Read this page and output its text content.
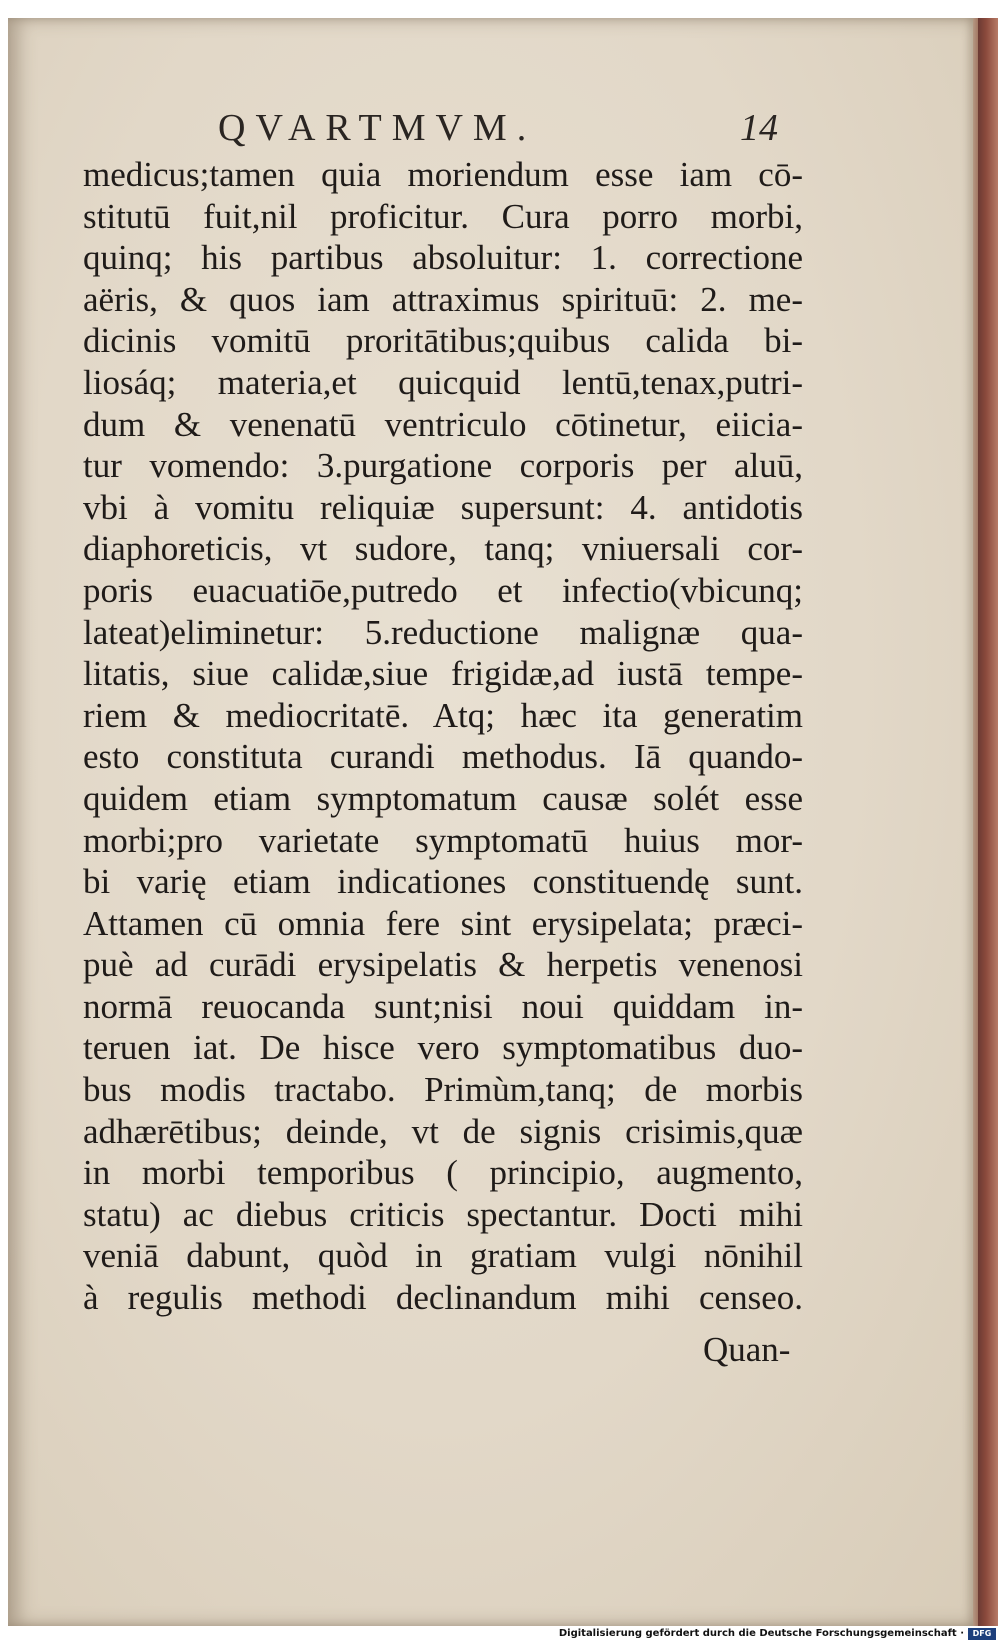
QVARTMVM.	14
medicus;tamen quia moriendum esse iam cō-
stitutū fuit,nil proficitur. Cura porro morbi,
quinq; his partibus absoluitur: 1. correctione
aëris, & quos iam attraximus spirituū: 2. me-
dicinis vomitū proritātibus;quibus calida bi-
liosáq; materia,et quicquid lentū,tenax,putri-
dum & venenatū ventriculo cōtinetur, eiicia-
tur vomendo: 3.purgatione corporis per aluū,
vbi à vomitu reliquiæ supersunt: 4. antidotis
diaphoreticis, vt sudore, tanq; vniuersali cor-
poris euacuatiōe,putredo et infectio(vbicunq;
lateat)eliminetur: 5.reductione malignæ qua-
litatis, siue calidæ,siue frigidæ,ad iustā tempe-
riem & mediocritatē. Atq; hæc ita generatim
esto constituta curandi methodus. Iā quando-
quidem etiam symptomatum causæ solét esse
morbi;pro varietate symptomatū huius mor-
bi varię etiam indicationes constituendę sunt.
Attamen cū omnia fere sint erysipelata; præci-
puè ad curādi erysipelatis & herpetis venenosi
normā reuocanda sunt;nisi noui quiddam in-
teruen iat. De hisce vero symptomatibus duo-
bus modis tractabo. Primùm,tanq; de morbis
adhærētibus; deinde, vt de signis crisimis,quæ
in morbi temporibus ( principio, augmento,
statu) ac diebus criticis spectantur. Docti mihi
veniā dabunt, quòd in gratiam vulgi nōnihil
à regulis methodi declinandum mihi censeo.
Quan-
Digitalisierung gefördert durch die Deutsche Forschungsgemeinschaft ·	DFG
